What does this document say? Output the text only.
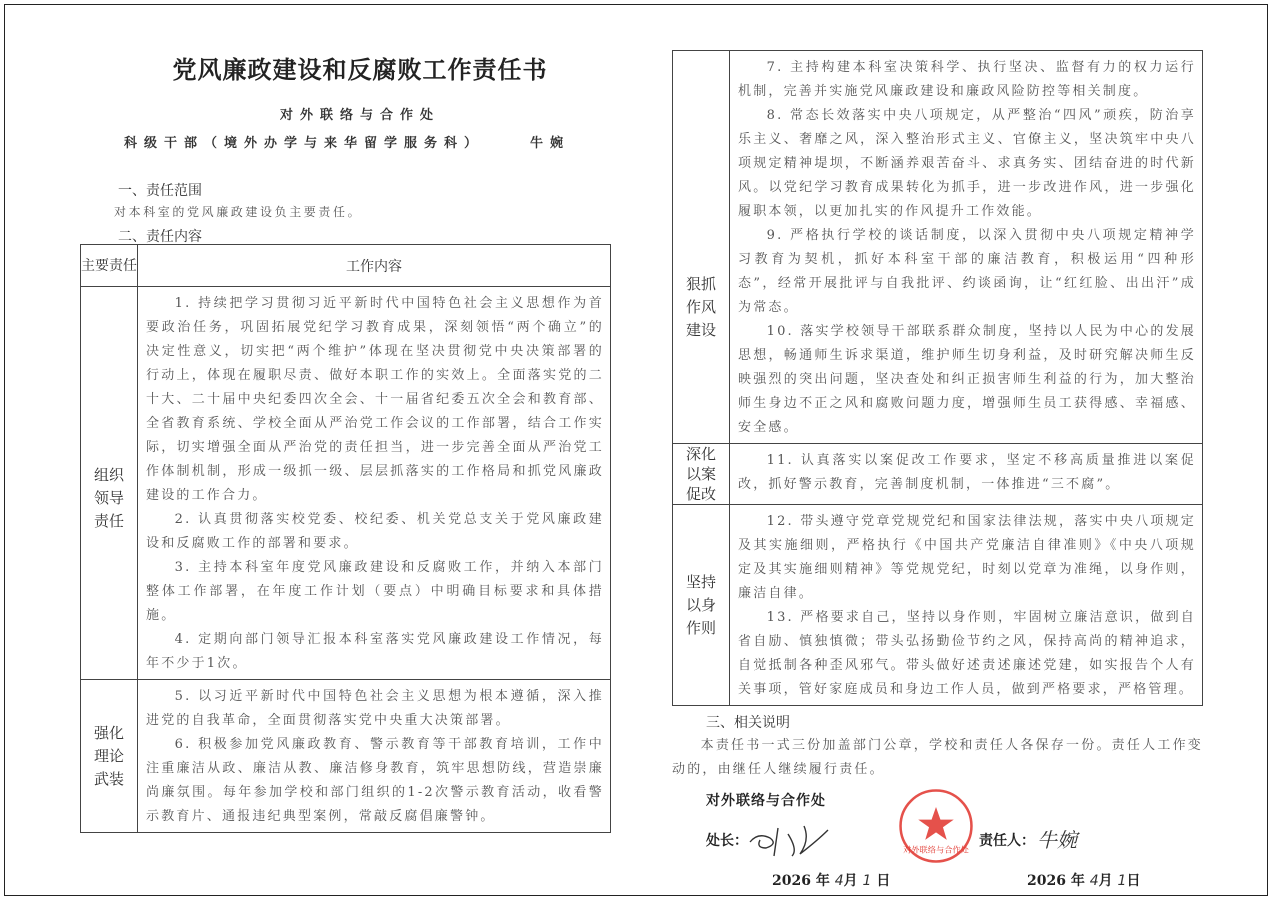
党风廉政建设和反腐败工作责任书
对外联络与合作处
科级干部（境外办学与来华留学服务科）	牛婉
一、责任范围
对本科室的党风廉政建设负主要责任。
二、责任内容
主要责任	工作内容

组织领导责任	1. 持续把学习贯彻习近平新时代中国特色社会主义思想作为首要政治任务，巩固拓展党纪学习教育成果，深刻领悟“两个确立”的决定性意义，切实把“两个维护”体现在坚决贯彻党中央决策部署的行动上，体现在履职尽责、做好本职工作的实效上。全面落实党的二十大、二十届中央纪委四次全会、十一届省纪委五次全会和教育部、全省教育系统、学校全面从严治党工作会议的工作部署，结合工作实际，切实增强全面从严治党的责任担当，进一步完善全面从严治党工作体制机制，形成一级抓一级、层层抓落实的工作格局和抓党风廉政建设的工作合力。

2. 认真贯彻落实校党委、校纪委、机关党总支关于党风廉政建设和反腐败工作的部署和要求。

3. 主持本科室年度党风廉政建设和反腐败工作，并纳入本部门整体工作部署，在年度工作计划（要点）中明确目标要求和具体措施。

4. 定期向部门领导汇报本科室落实党风廉政建设工作情况，每年不少于1次。

强化理论武装	5. 以习近平新时代中国特色社会主义思想为根本遵循，深入推进党的自我革命，全面贯彻落实党中央重大决策部署。

6. 积极参加党风廉政教育、警示教育等干部教育培训，工作中注重廉洁从政、廉洁从教、廉洁修身教育，筑牢思想防线，营造崇廉尚廉氛围。每年参加学校和部门组织的1-2次警示教育活动，收看警示教育片、通报违纪典型案例，常敲反腐倡廉警钟。

狠抓作风建设	7. 主持构建本科室决策科学、执行坚决、监督有力的权力运行机制，完善并实施党风廉政建设和廉政风险防控等相关制度。

8. 常态长效落实中央八项规定，从严整治“四风”顽疾，防治享乐主义、奢靡之风，深入整治形式主义、官僚主义，坚决筑牢中央八项规定精神堤坝，不断涵养艰苦奋斗、求真务实、团结奋进的时代新风。以党纪学习教育成果转化为抓手，进一步改进作风，进一步强化履职本领，以更加扎实的作风提升工作效能。

9. 严格执行学校的谈话制度，以深入贯彻中央八项规定精神学习教育为契机，抓好本科室干部的廉洁教育，积极运用“四种形态”，经常开展批评与自我批评、约谈函询，让“红红脸、出出汗”成为常态。

10. 落实学校领导干部联系群众制度，坚持以人民为中心的发展思想，畅通师生诉求渠道，维护师生切身利益，及时研究解决师生反映强烈的突出问题，坚决查处和纠正损害师生利益的行为，加大整治师生身边不正之风和腐败问题力度，增强师生员工获得感、幸福感、安全感。

深化以案促改	11. 认真落实以案促改工作要求，坚定不移高质量推进以案促改，抓好警示教育，完善制度机制，一体推进“三不腐”。

坚持以身作则	12. 带头遵守党章党规党纪和国家法律法规，落实中央八项规定及其实施细则，严格执行《中国共产党廉洁自律准则》《中央八项规定及其实施细则精神》等党规党纪，时刻以党章为准绳，以身作则，廉洁自律。

13. 严格要求自己，坚持以身作则，牢固树立廉洁意识，做到自省自励、慎独慎微；带头弘扬勤俭节约之风，保持高尚的精神追求，自觉抵制各种歪风邪气。带头做好述责述廉述党建，如实报告个人有关事项，管好家庭成员和身边工作人员，做到严格要求，严格管理。

三、相关说明

本责任书一式三份加盖部门公章，学校和责任人各保存一份。责任人工作变动的，由继任人继续履行责任。

对外联络与合作处
对外联络与合作处
处长：	责任人： 牛婉
2026 年 4月 1 日	2026 年 4月 1日
